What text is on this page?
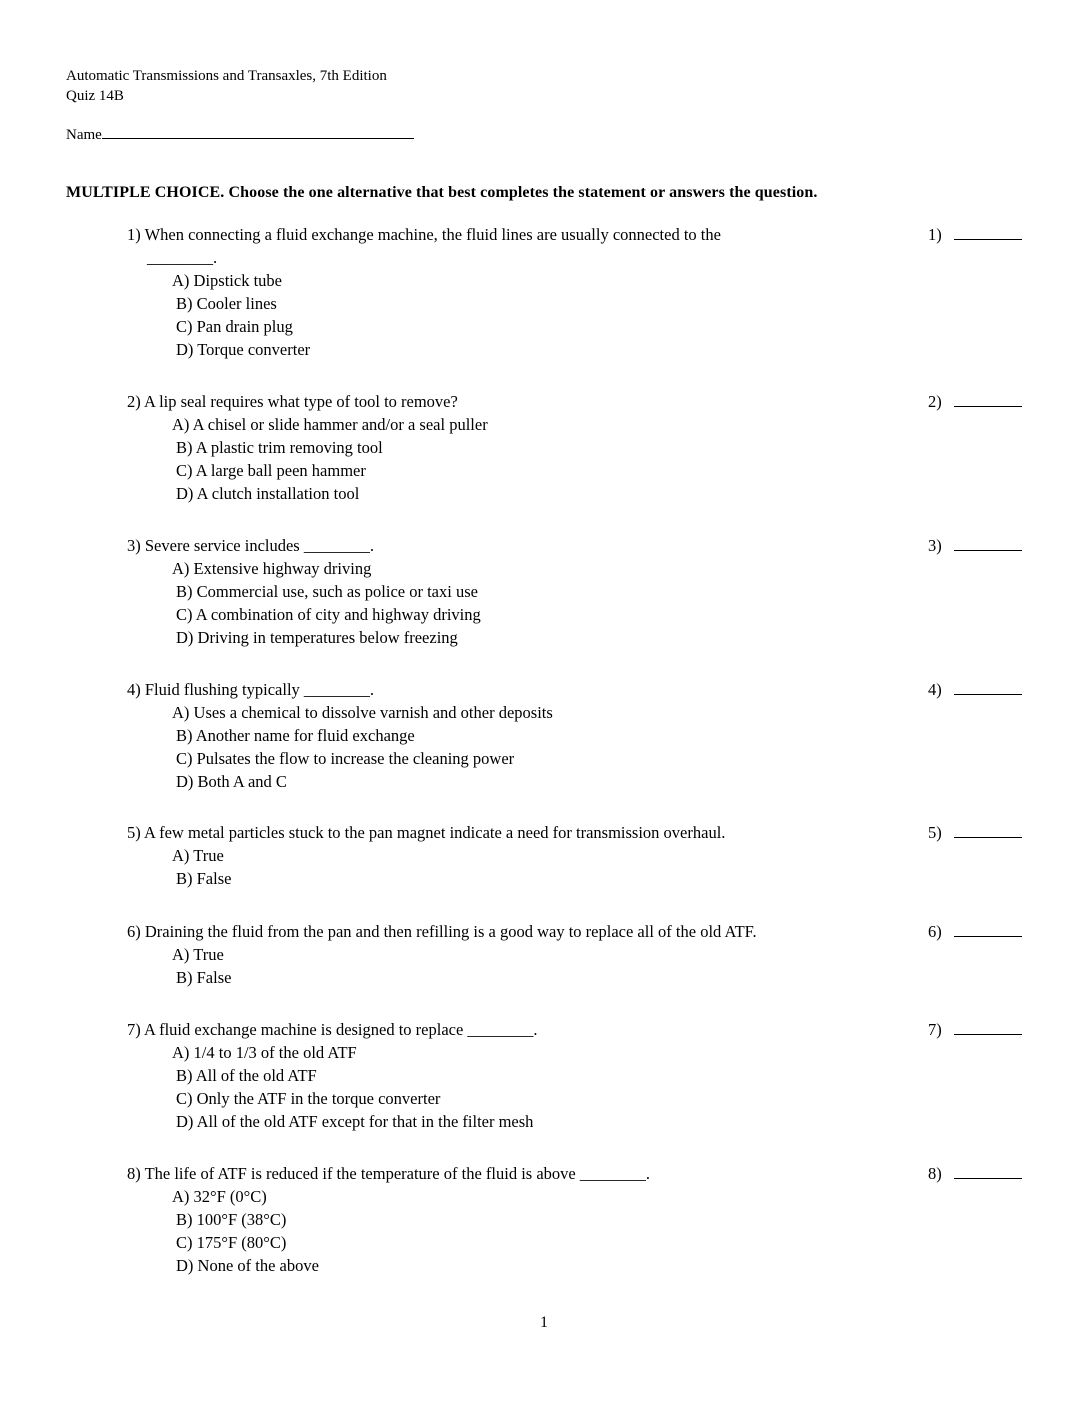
Automatic Transmissions and Transaxles, 7th Edition
Quiz 14B
Name
MULTIPLE CHOICE. Choose the one alternative that best completes the statement or answers the question.
1) When connecting a fluid exchange machine, the fluid lines are usually connected to the
________.
A) Dipstick tube
B) Cooler lines
C) Pan drain plug
D) Torque converter
1)
2) A lip seal requires what type of tool to remove?
A) A chisel or slide hammer and/or a seal puller
B) A plastic trim removing tool
C) A large ball peen hammer
D) A clutch installation tool
2)
3) Severe service includes ________.
A) Extensive highway driving
B) Commercial use, such as police or taxi use
C) A combination of city and highway driving
D) Driving in temperatures below freezing
3)
4) Fluid flushing typically ________.
A) Uses a chemical to dissolve varnish and other deposits
B) Another name for fluid exchange
C) Pulsates the flow to increase the cleaning power
D) Both A and C
4)
5) A few metal particles stuck to the pan magnet indicate a need for transmission overhaul.
A) True
B) False
5)
6) Draining the fluid from the pan and then refilling is a good way to replace all of the old ATF.
A) True
B) False
6)
7) A fluid exchange machine is designed to replace ________.
A) 1/4 to 1/3 of the old ATF
B) All of the old ATF
C) Only the ATF in the torque converter
D) All of the old ATF except for that in the filter mesh
7)
8) The life of ATF is reduced if the temperature of the fluid is above ________.
A) 32°F (0°C)
B) 100°F (38°C)
C) 175°F (80°C)
D) None of the above
8)
1
